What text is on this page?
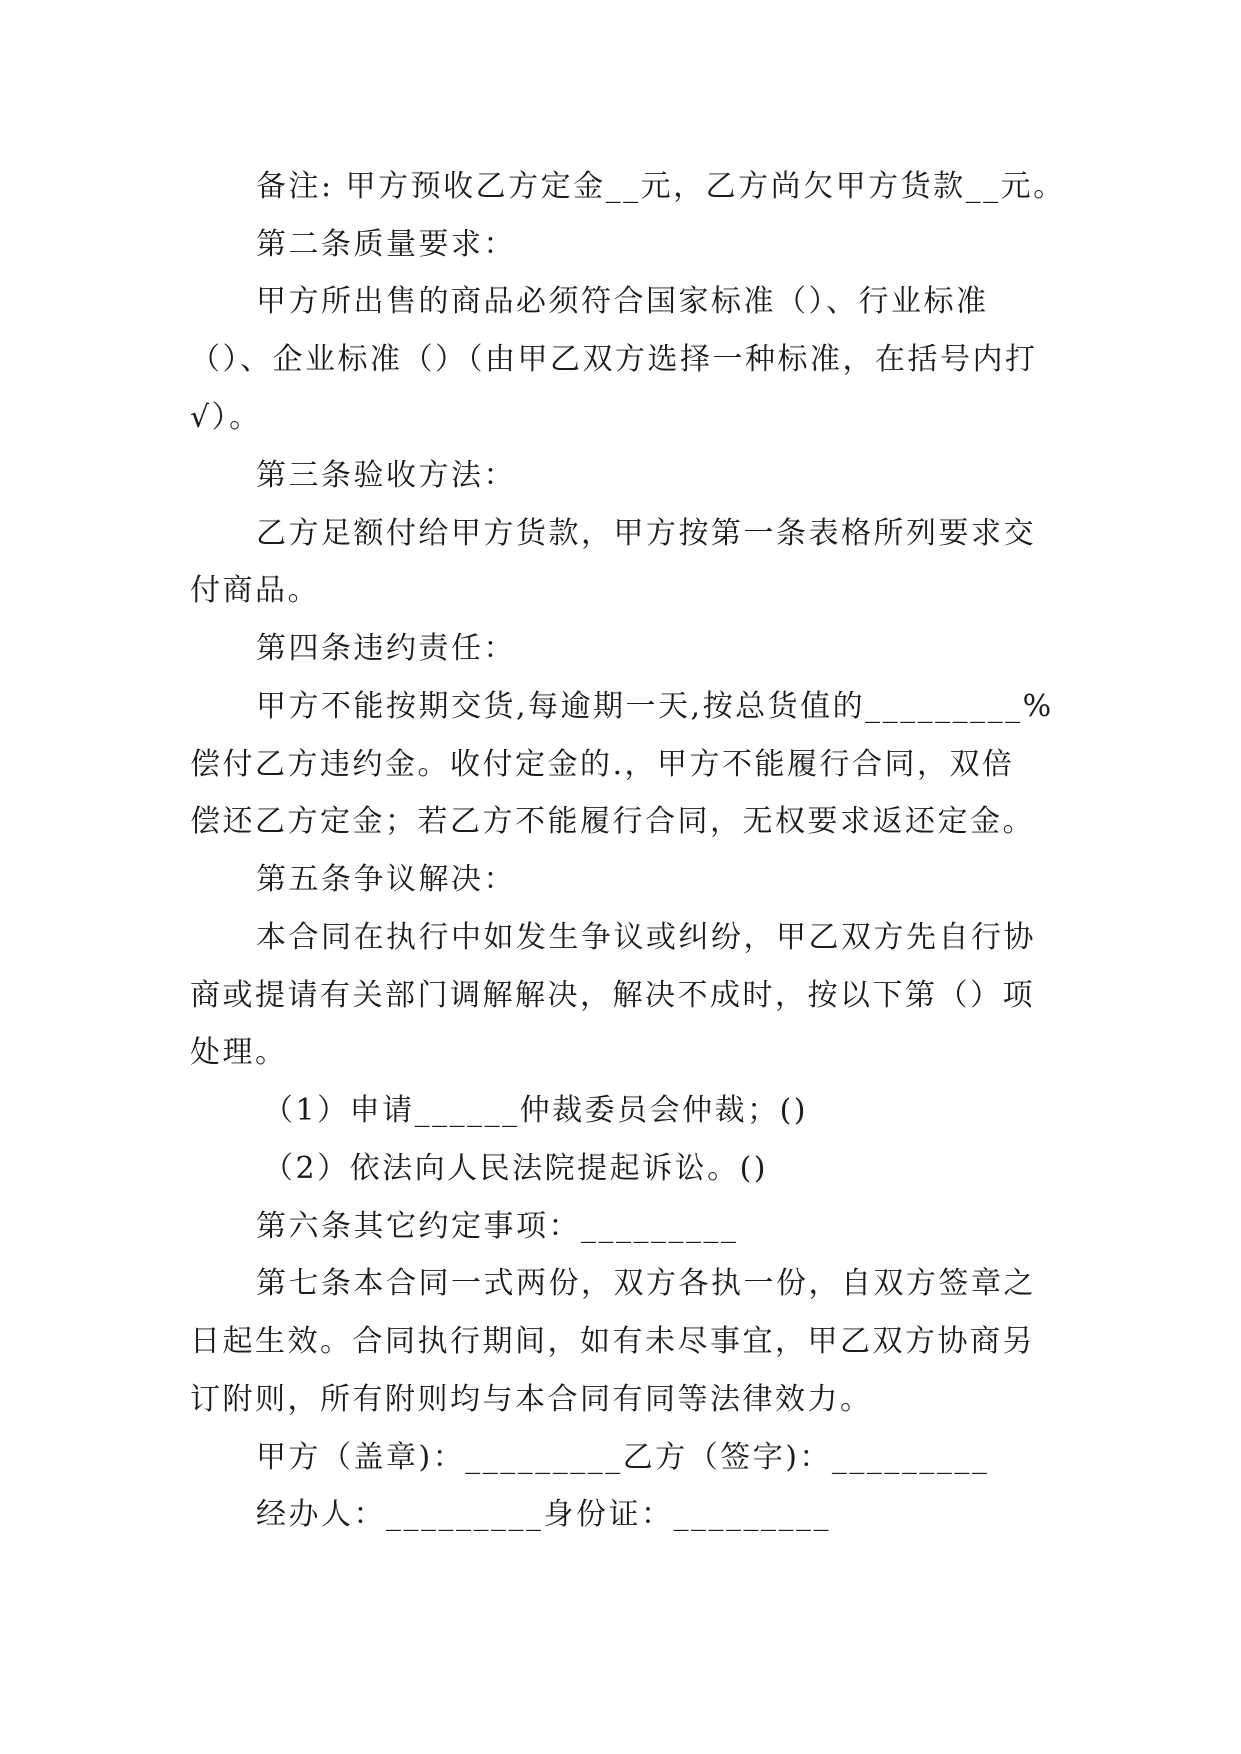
备注: 甲方预收乙方定金__元，乙方尚欠甲方货款__元。
第二条质量要求：
甲方所出售的商品必须符合国家标准（）、行业标准
（）、企业标准（）（由甲乙双方选择一种标准，在括号内打
√）。
第三条验收方法：
乙方足额付给甲方货款，甲方按第一条表格所列要求交
付商品。
第四条违约责任：
甲方不能按期交货,每逾期一天,按总货值的_________%
偿付乙方违约金。收付定金的.，甲方不能履行合同，双倍
偿还乙方定金；若乙方不能履行合同，无权要求返还定金。
第五条争议解决：
本合同在执行中如发生争议或纠纷，甲乙双方先自行协
商或提请有关部门调解解决，解决不成时，按以下第（）项
处理。
（1）申请______仲裁委员会仲裁；()
（2）依法向人民法院提起诉讼。()
第六条其它约定事项：_________
第七条本合同一式两份，双方各执一份，自双方签章之
日起生效。合同执行期间，如有未尽事宜，甲乙双方协商另
订附则，所有附则均与本合同有同等法律效力。
甲方（盖章)：_________乙方（签字)：_________
经办人：_________身份证：_________
